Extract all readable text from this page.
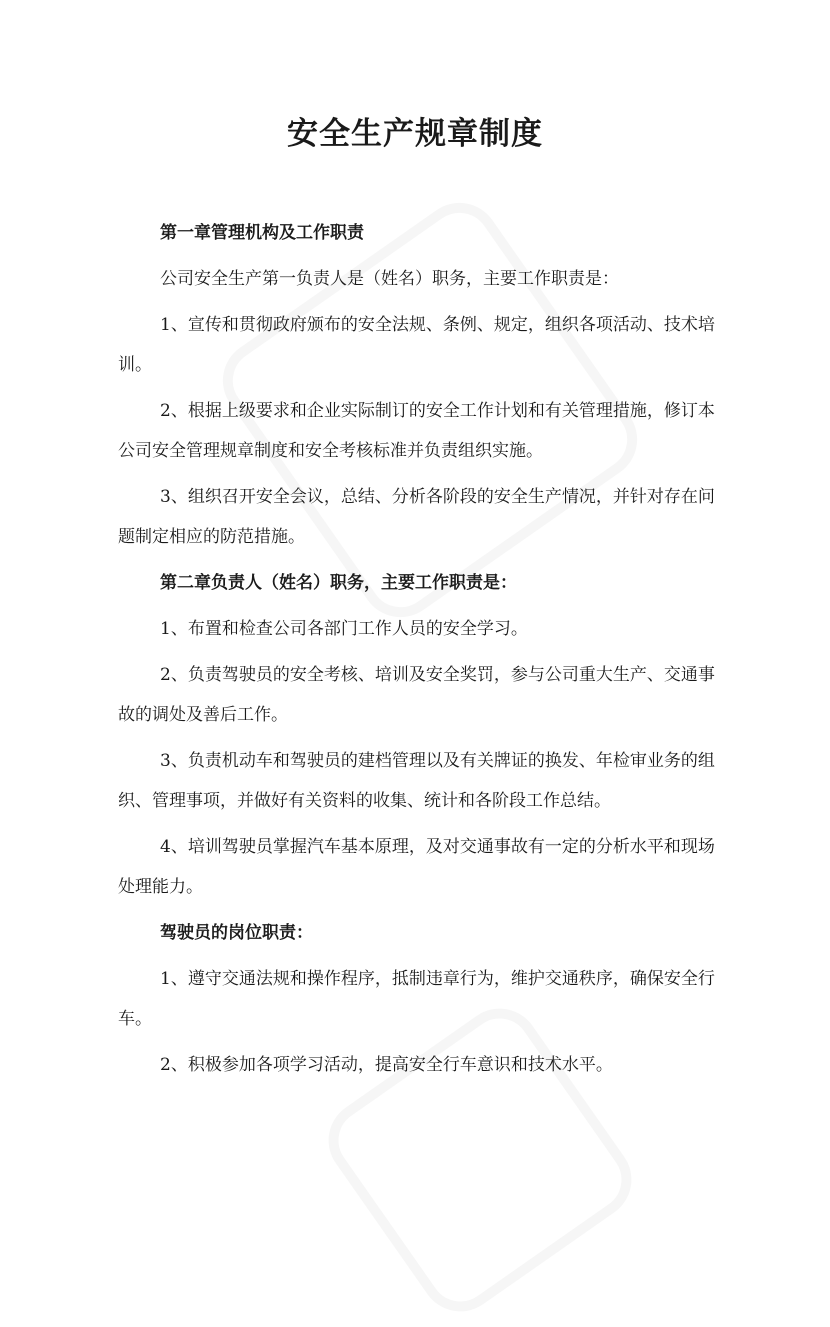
安全生产规章制度
第一章管理机构及工作职责
公司安全生产第一负责人是（姓名）职务，主要工作职责是：
1、宣传和贯彻政府颁布的安全法规、条例、规定，组织各项活动、技术培
训。
2、根据上级要求和企业实际制订的安全工作计划和有关管理措施，修订本
公司安全管理规章制度和安全考核标准并负责组织实施。
3、组织召开安全会议，总结、分析各阶段的安全生产情况，并针对存在问
题制定相应的防范措施。
第二章负责人（姓名）职务，主要工作职责是：
1、布置和检查公司各部门工作人员的安全学习。
2、负责驾驶员的安全考核、培训及安全奖罚，参与公司重大生产、交通事
故的调处及善后工作。
3、负责机动车和驾驶员的建档管理以及有关牌证的换发、年检审业务的组
织、管理事项，并做好有关资料的收集、统计和各阶段工作总结。
4、培训驾驶员掌握汽车基本原理，及对交通事故有一定的分析水平和现场
处理能力。
驾驶员的岗位职责：
1、遵守交通法规和操作程序，抵制违章行为，维护交通秩序，确保安全行
车。
2、积极参加各项学习活动，提高安全行车意识和技术水平。
